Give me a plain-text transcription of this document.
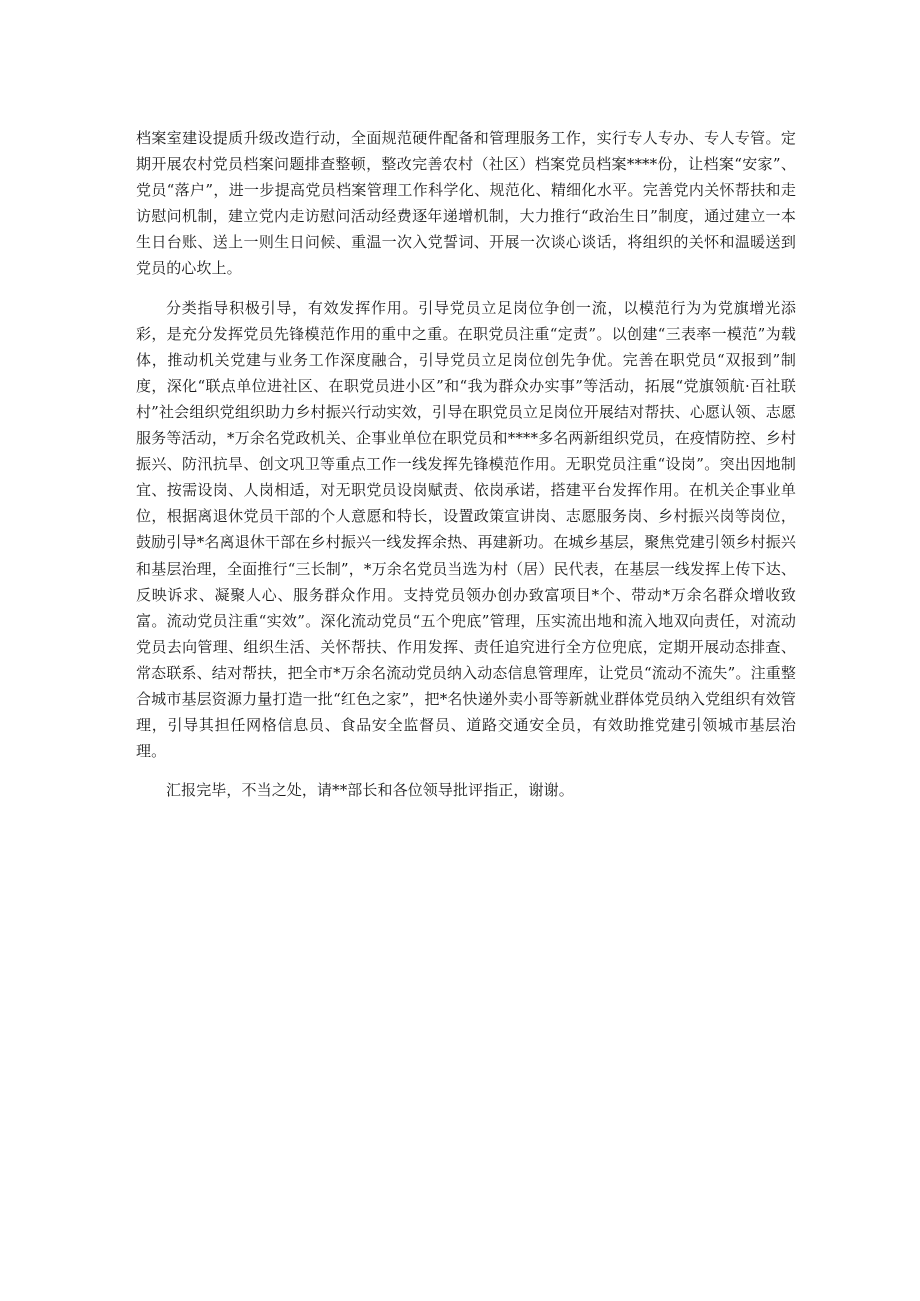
档案室建设提质升级改造行动，全面规范硬件配备和管理服务工作，实行专人专办、专人专管。定期开展农村党员档案问题排查整顿，整改完善农村（社区）档案党员档案****份，让档案“安家”、党员“落户”，进一步提高党员档案管理工作科学化、规范化、精细化水平。完善党内关怀帮扶和走访慰问机制，建立党内走访慰问活动经费逐年递增机制，大力推行“政治生日”制度，通过建立一本生日台账、送上一则生日问候、重温一次入党誓词、开展一次谈心谈话，将组织的关怀和温暖送到党员的心坎上。

分类指导积极引导，有效发挥作用。引导党员立足岗位争创一流，以模范行为为党旗增光添彩，是充分发挥党员先锋模范作用的重中之重。在职党员注重“定责”。以创建“三表率一模范”为载体，推动机关党建与业务工作深度融合，引导党员立足岗位创先争优。完善在职党员“双报到”制度，深化“联点单位进社区、在职党员进小区”和“我为群众办实事”等活动，拓展“党旗领航·百社联村”社会组织党组织助力乡村振兴行动实效，引导在职党员立足岗位开展结对帮扶、心愿认领、志愿服务等活动，*万余名党政机关、企事业单位在职党员和****多名两新组织党员，在疫情防控、乡村振兴、防汛抗旱、创文巩卫等重点工作一线发挥先锋模范作用。无职党员注重“设岗”。突出因地制宜、按需设岗、人岗相适，对无职党员设岗赋责、依岗承诺，搭建平台发挥作用。在机关企事业单位，根据离退休党员干部的个人意愿和特长，设置政策宣讲岗、志愿服务岗、乡村振兴岗等岗位，鼓励引导*名离退休干部在乡村振兴一线发挥余热、再建新功。在城乡基层，聚焦党建引领乡村振兴和基层治理，全面推行“三长制”，*万余名党员当选为村（居）民代表，在基层一线发挥上传下达、反映诉求、凝聚人心、服务群众作用。支持党员领办创办致富项目*个、带动*万余名群众增收致富。流动党员注重“实效”。深化流动党员“五个兜底”管理，压实流出地和流入地双向责任，对流动党员去向管理、组织生活、关怀帮扶、作用发挥、责任追究进行全方位兜底，定期开展动态排查、常态联系、结对帮扶，把全市*万余名流动党员纳入动态信息管理库，让党员“流动不流失”。注重整合城市基层资源力量打造一批“红色之家”，把*名快递外卖小哥等新就业群体党员纳入党组织有效管理，引导其担任网格信息员、食品安全监督员、道路交通安全员，有效助推党建引领城市基层治理。

汇报完毕，不当之处，请**部长和各位领导批评指正，谢谢。
